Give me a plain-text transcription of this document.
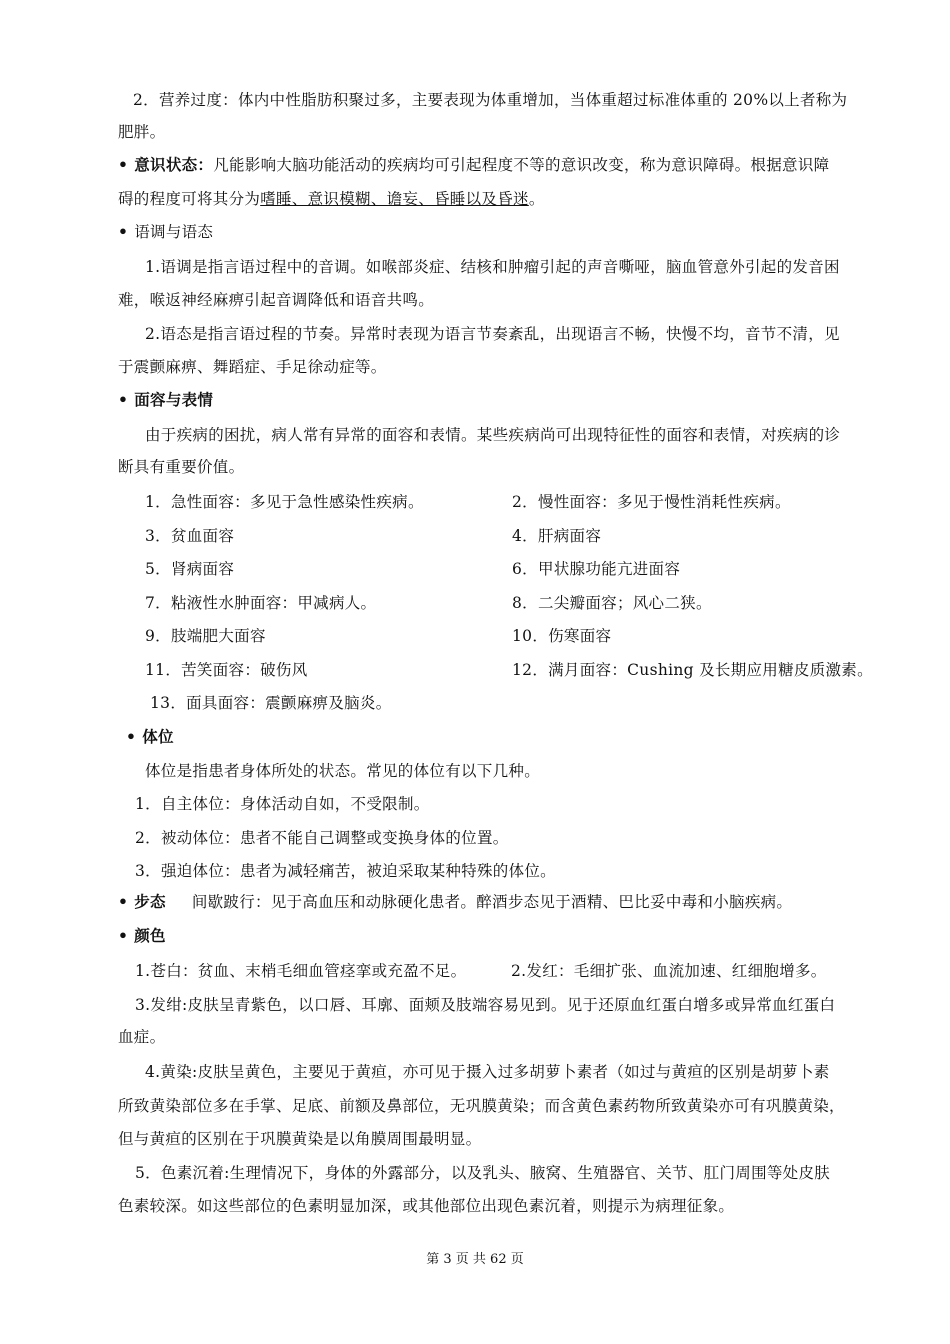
2．营养过度：体内中性脂肪积聚过多，主要表现为体重增加，当体重超过标准体重的 20%以上者称为
肥胖。
• 意识状态：凡能影响大脑功能活动的疾病均可引起程度不等的意识改变，称为意识障碍。根据意识障
碍的程度可将其分为嗜睡、意识模糊、谵妄、昏睡以及昏迷。
• 语调与语态
1.语调是指言语过程中的音调。如喉部炎症、结核和肿瘤引起的声音嘶哑，脑血管意外引起的发音困
难，喉返神经麻痹引起音调降低和语音共鸣。
2.语态是指言语过程的节奏。异常时表现为语言节奏紊乱，出现语言不畅，快慢不均，音节不清，见
于震颤麻痹、舞蹈症、手足徐动症等。
• 面容与表情
由于疾病的困扰，病人常有异常的面容和表情。某些疾病尚可出现特征性的面容和表情，对疾病的诊
断具有重要价值。
1．急性面容：多见于急性感染性疾病。	2．慢性面容：多见于慢性消耗性疾病。
3．贫血面容	4．肝病面容
5．肾病面容	6．甲状腺功能亢进面容
7．粘液性水肿面容：甲减病人。	8．二尖瓣面容；风心二狭。
9．肢端肥大面容	10．伤寒面容
11．苦笑面容：破伤风	12．满月面容：Cushing 及长期应用糖皮质激素。
13．面具面容：震颤麻痹及脑炎。
• 体位
体位是指患者身体所处的状态。常见的体位有以下几种。
1．自主体位：身体活动自如，不受限制。
2．被动体位：患者不能自己调整或变换身体的位置。
3．强迫体位：患者为减轻痛苦，被迫采取某种特殊的体位。
• 步态 间歇跛行：见于高血压和动脉硬化患者。醉酒步态见于酒精、巴比妥中毒和小脑疾病。
• 颜色
1.苍白：贫血、末梢毛细血管痉挛或充盈不足。	2.发红：毛细扩张、血流加速、红细胞增多。
3.发绀:皮肤呈青紫色，以口唇、耳廓、面颊及肢端容易见到。见于还原血红蛋白增多或异常血红蛋白
血症。
4.黄染:皮肤呈黄色，主要见于黄疸，亦可见于摄入过多胡萝卜素者（如过与黄疸的区别是胡萝卜素
所致黄染部位多在手掌、足底、前额及鼻部位，无巩膜黄染；而含黄色素药物所致黄染亦可有巩膜黄染，
但与黄疸的区别在于巩膜黄染是以角膜周围最明显。
5．色素沉着:生理情况下，身体的外露部分，以及乳头、腋窝、生殖器官、关节、肛门周围等处皮肤
色素较深。如这些部位的色素明显加深，或其他部位出现色素沉着，则提示为病理征象。
第 3 页 共 62 页
